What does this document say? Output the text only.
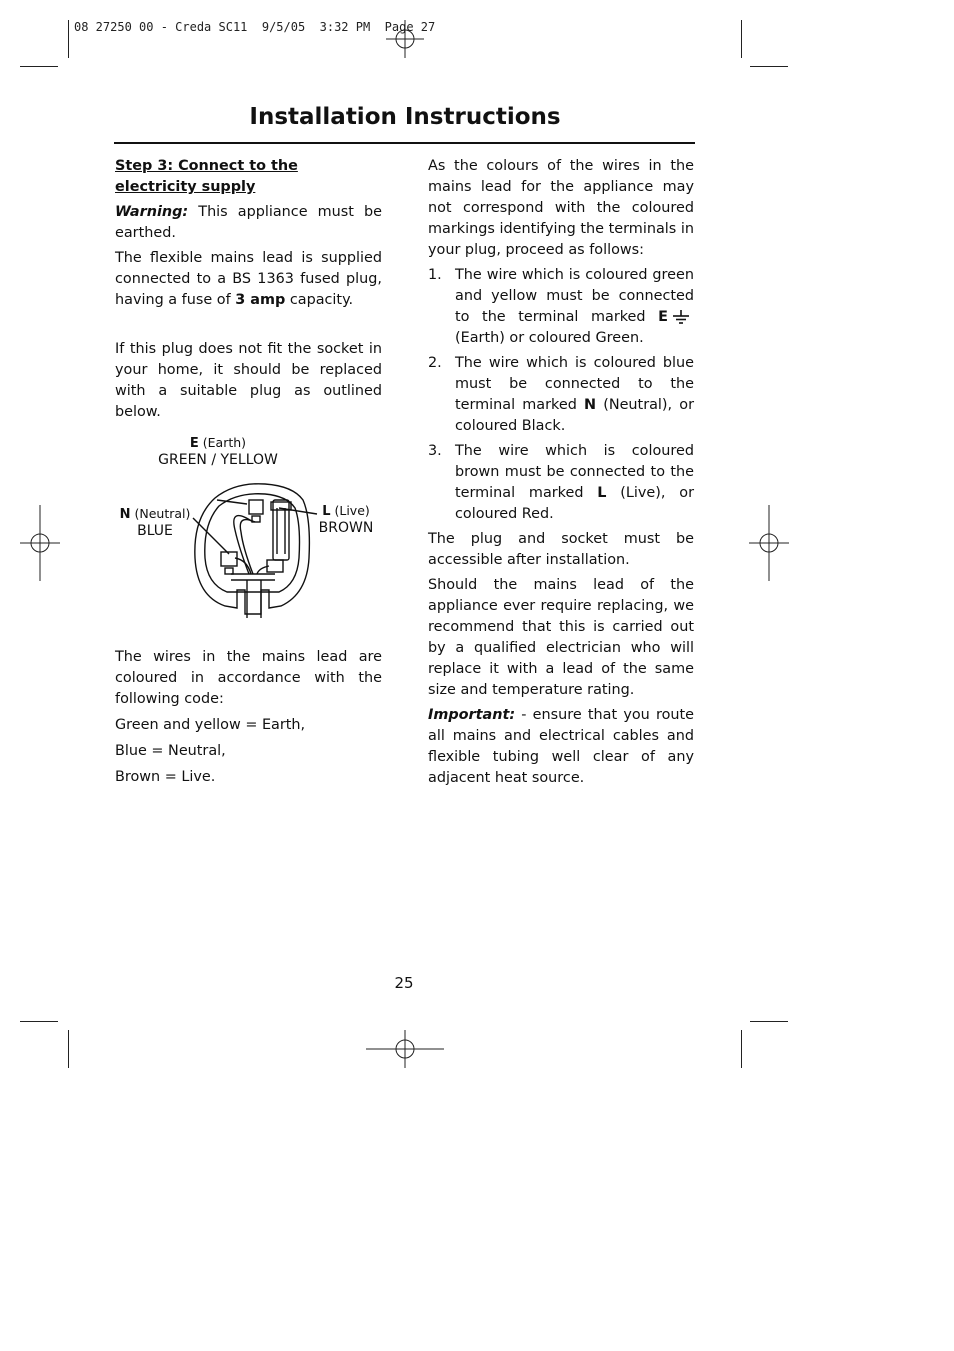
08 27250 00 - Creda SC11  9/5/05  3:32 PM  Page 27
Installation Instructions

Step 3: Connect to the electricity supply

Warning: This appliance must be earthed.

The flexible mains lead is supplied connected to a BS 1363 fused plug, having a fuse of 3 amp capacity.

If this plug does not fit the socket in your home, it should be replaced with a suitable plug as outlined below.

E (Earth)
GREEN / YELLOW
N (Neutral)
BLUE
L (Live)
BROWN

The wires in the mains lead are coloured in accordance with the following code:

Green and yellow = Earth,

Blue = Neutral,

Brown = Live.

As the colours of the wires in the mains lead for the appliance may not correspond with the coloured markings identifying the terminals in your plug, proceed as follows:

1. The wire which is coloured green and yellow must be connected to the terminal marked E (Earth) or coloured Green.
2. The wire which is coloured blue must be connected to the terminal marked N (Neutral), or coloured Black.
3. The wire which is coloured brown must be connected to the terminal marked L (Live), or coloured Red.

The plug and socket must be accessible after installation.

Should the mains lead of the appliance ever require replacing, we recommend that this is carried out by a qualified electrician who will replace it with a lead of the same size and temperature rating.

Important: - ensure that you route all mains and electrical cables and flexible tubing well clear of any adjacent heat source.

25
